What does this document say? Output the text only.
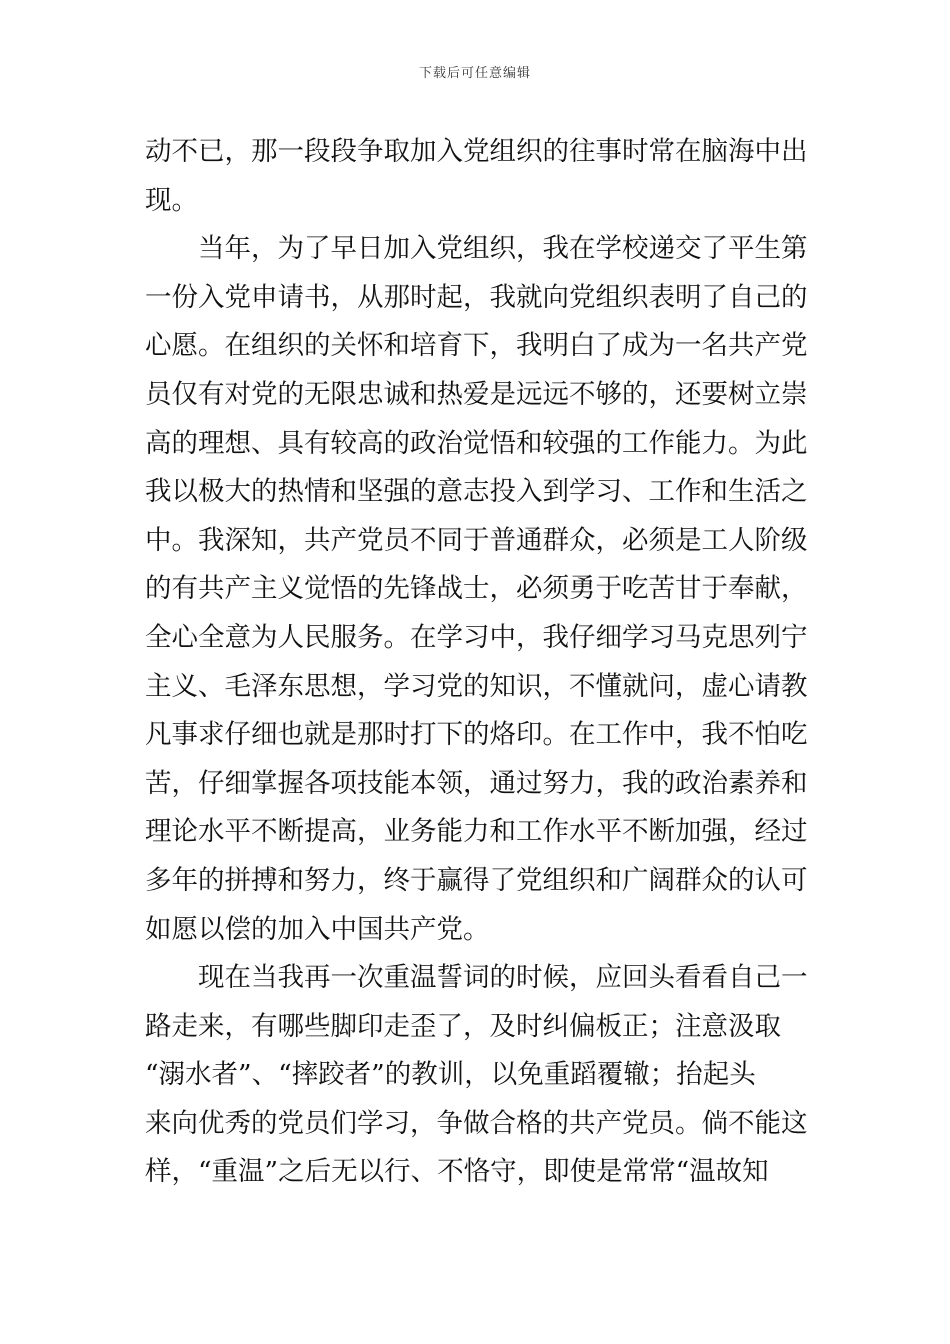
下载后可任意编辑
动不已，那一段段争取加入党组织的往事时常在脑海中出
现。
当年，为了早日加入党组织，我在学校递交了平生第
一份入党申请书，从那时起，我就向党组织表明了自己的
心愿。在组织的关怀和培育下，我明白了成为一名共产党
员仅有对党的无限忠诚和热爱是远远不够的，还要树立崇
高的理想、具有较高的政治觉悟和较强的工作能力。为此
我以极大的热情和坚强的意志投入到学习、工作和生活之
中。我深知，共产党员不同于普通群众，必须是工人阶级
的有共产主义觉悟的先锋战士，必须勇于吃苦甘于奉献，
全心全意为人民服务。在学习中，我仔细学习马克思列宁
主义、毛泽东思想，学习党的知识，不懂就问，虚心请教
凡事求仔细也就是那时打下的烙印。在工作中，我不怕吃
苦，仔细掌握各项技能本领，通过努力，我的政治素养和
理论水平不断提高，业务能力和工作水平不断加强，经过
多年的拼搏和努力，终于赢得了党组织和广阔群众的认可
如愿以偿的加入中国共产党。
现在当我再一次重温誓词的时候，应回头看看自己一
路走来，有哪些脚印走歪了，及时纠偏板正；注意汲取
“溺水者”、“摔跤者”的教训，以免重蹈覆辙；抬起头
来向优秀的党员们学习，争做合格的共产党员。倘不能这
样，“重温”之后无以行、不恪守，即使是常常“温故知
